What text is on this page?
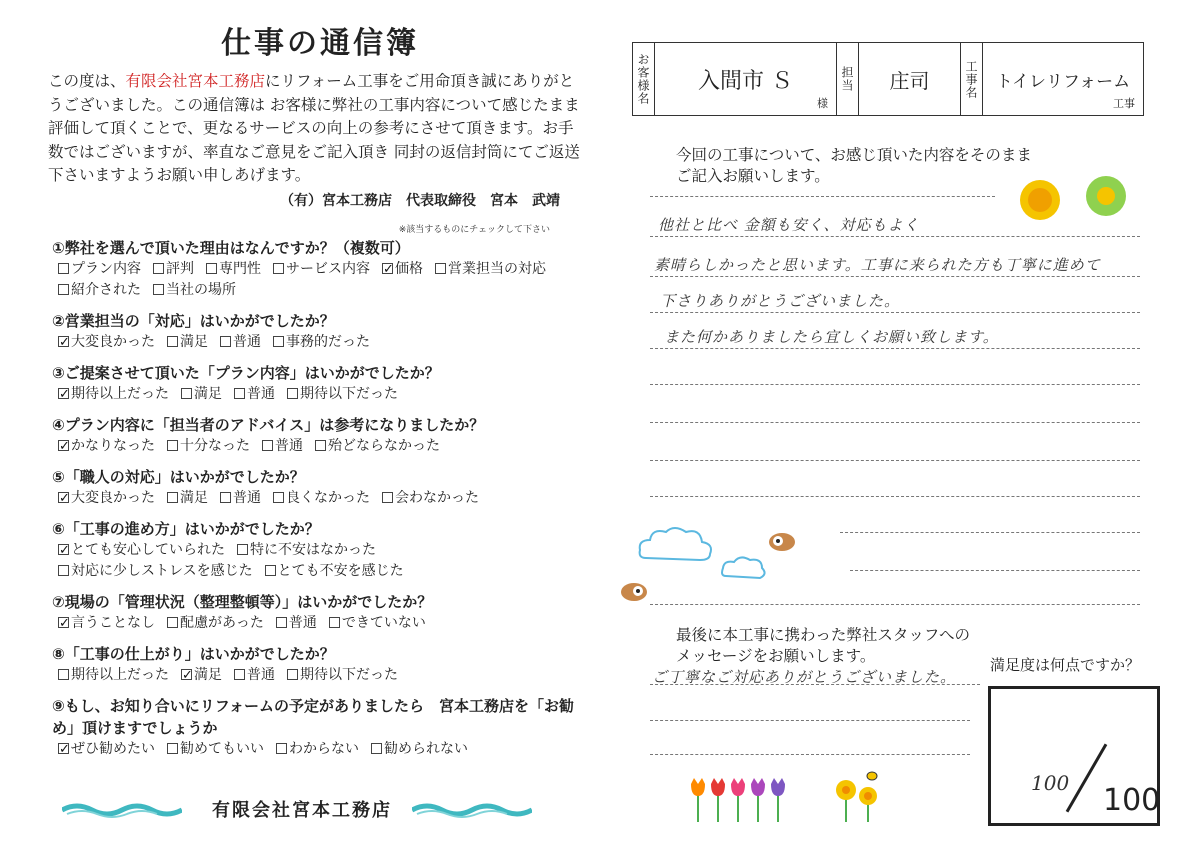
仕事の通信簿
この度は、有限会社宮本工務店にリフォーム工事をご用命頂き誠にありがとうございました。この通信簿は お客様に弊社の工事内容について感じたまま評価して頂くことで、更なるサービスの向上の参考にさせて頂きます。お手数ではございますが、率直なご意見をご記入頂き 同封の返信封筒にてご返送下さいますようお願い申しあげます。
（有）宮本工務店　代表取締役　宮本　武靖
※該当するものにチェックして下さい
①弊社を選んで頂いた理由はなんですか？（複数可）
プラン内容 評判 専門性 サービス内容 ✓ 価格 営業担当の対応紹介された 当社の場所
②営業担当の「対応」はいかがでしたか？
✓大変良かった 満足 普通 事務的だった
③ご提案させて頂いた「プラン内容」はいかがでしたか？
✓期待以上だった 満足 普通 期待以下だった
④プラン内容に「担当者のアドバイス」は参考になりましたか？
✓かなりなった 十分なった 普通 殆どならなかった
⑤「職人の対応」はいかがでしたか？
✓大変良かった 満足 普通 良くなかった 会わなかった
⑥「工事の進め方」はいかがでしたか？
✓とても安心していられた 特に不安はなかった対応に少しストレスを感じた とても不安を感じた
⑦現場の「管理状況（整理整頓等）」はいかがでしたか？
✓言うことなし 配慮があった 普通 できていない
⑧「工事の仕上がり」はいかがでしたか？
期待以上だった ✓ 満足 普通 期待以下だった
⑨もし、お知り合いにリフォームの予定がありましたら　宮本工務店を「お勧め」頂けますでしょうか
✓ぜひ勧めたい 勧めてもいい わからない 勧められない
有限会社宮本工務店
お客様名	入間市 Ｓ
様
担当	庄司	工事名	トイレリフォーム
工事
今回の工事について、お感じ頂いた内容をそのまま
ご記入お願いします。
他社と比べ 金額も安く、対応もよく
素晴らしかったと思います。工事に来られた方も丁寧に進めて
下さりありがとうございました。
また何かありましたら宜しくお願い致します。
最後に本工事に携わった弊社スタッフへの
メッセージをお願いします。
ご丁寧なご対応ありがとうございました。
満足度は何点ですか？
100 100
